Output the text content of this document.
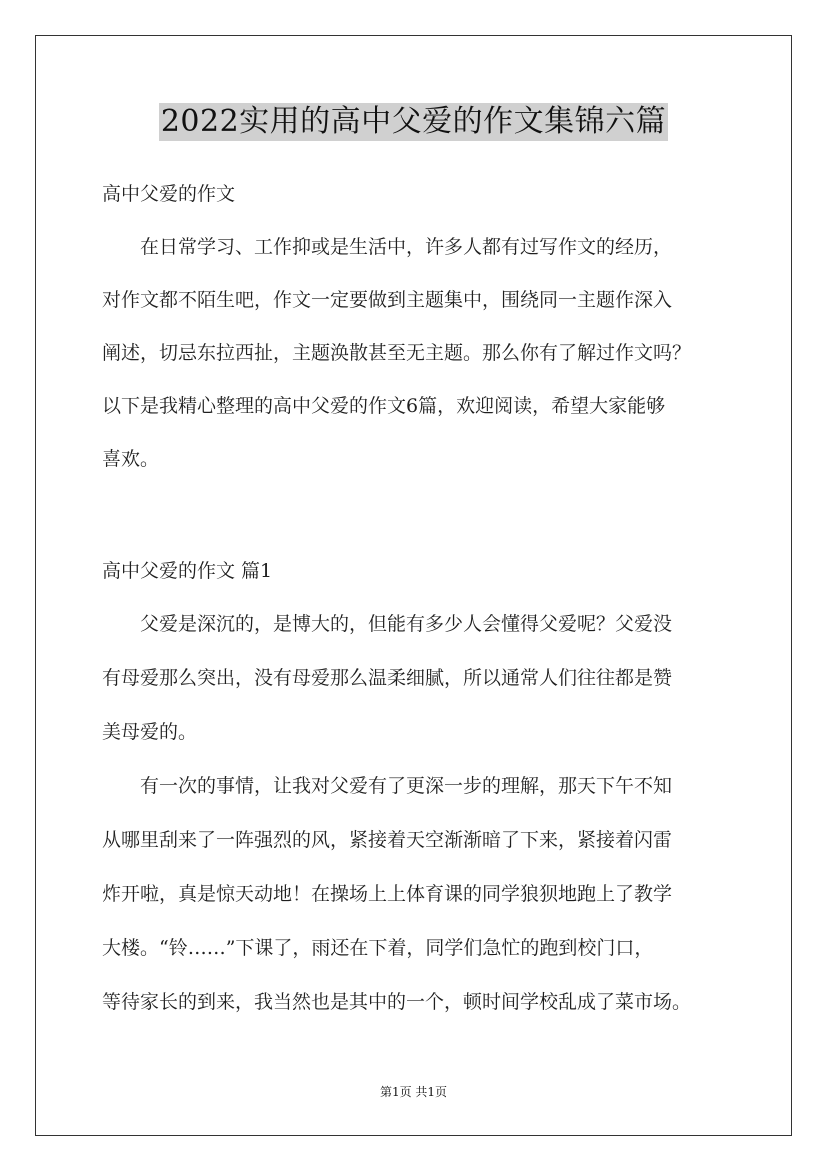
2022实用的高中父爱的作文集锦六篇
高中父爱的作文
　　在日常学习、工作抑或是生活中，许多人都有过写作文的经历，
对作文都不陌生吧，作文一定要做到主题集中，围绕同一主题作深入
阐述，切忌东拉西扯，主题涣散甚至无主题。那么你有了解过作文吗？
以下是我精心整理的高中父爱的作文6篇，欢迎阅读，希望大家能够
喜欢。
高中父爱的作文 篇1
　　父爱是深沉的，是博大的，但能有多少人会懂得父爱呢？父爱没
有母爱那么突出，没有母爱那么温柔细腻，所以通常人们往往都是赞
美母爱的。
　　有一次的事情，让我对父爱有了更深一步的理解，那天下午不知
从哪里刮来了一阵强烈的风，紧接着天空渐渐暗了下来，紧接着闪雷
炸开啦，真是惊天动地！在操场上上体育课的同学狼狈地跑上了教学
大楼。“铃……”下课了，雨还在下着，同学们急忙的跑到校门口，
等待家长的到来，我当然也是其中的一个，顿时间学校乱成了菜市场。
第1页 共1页
